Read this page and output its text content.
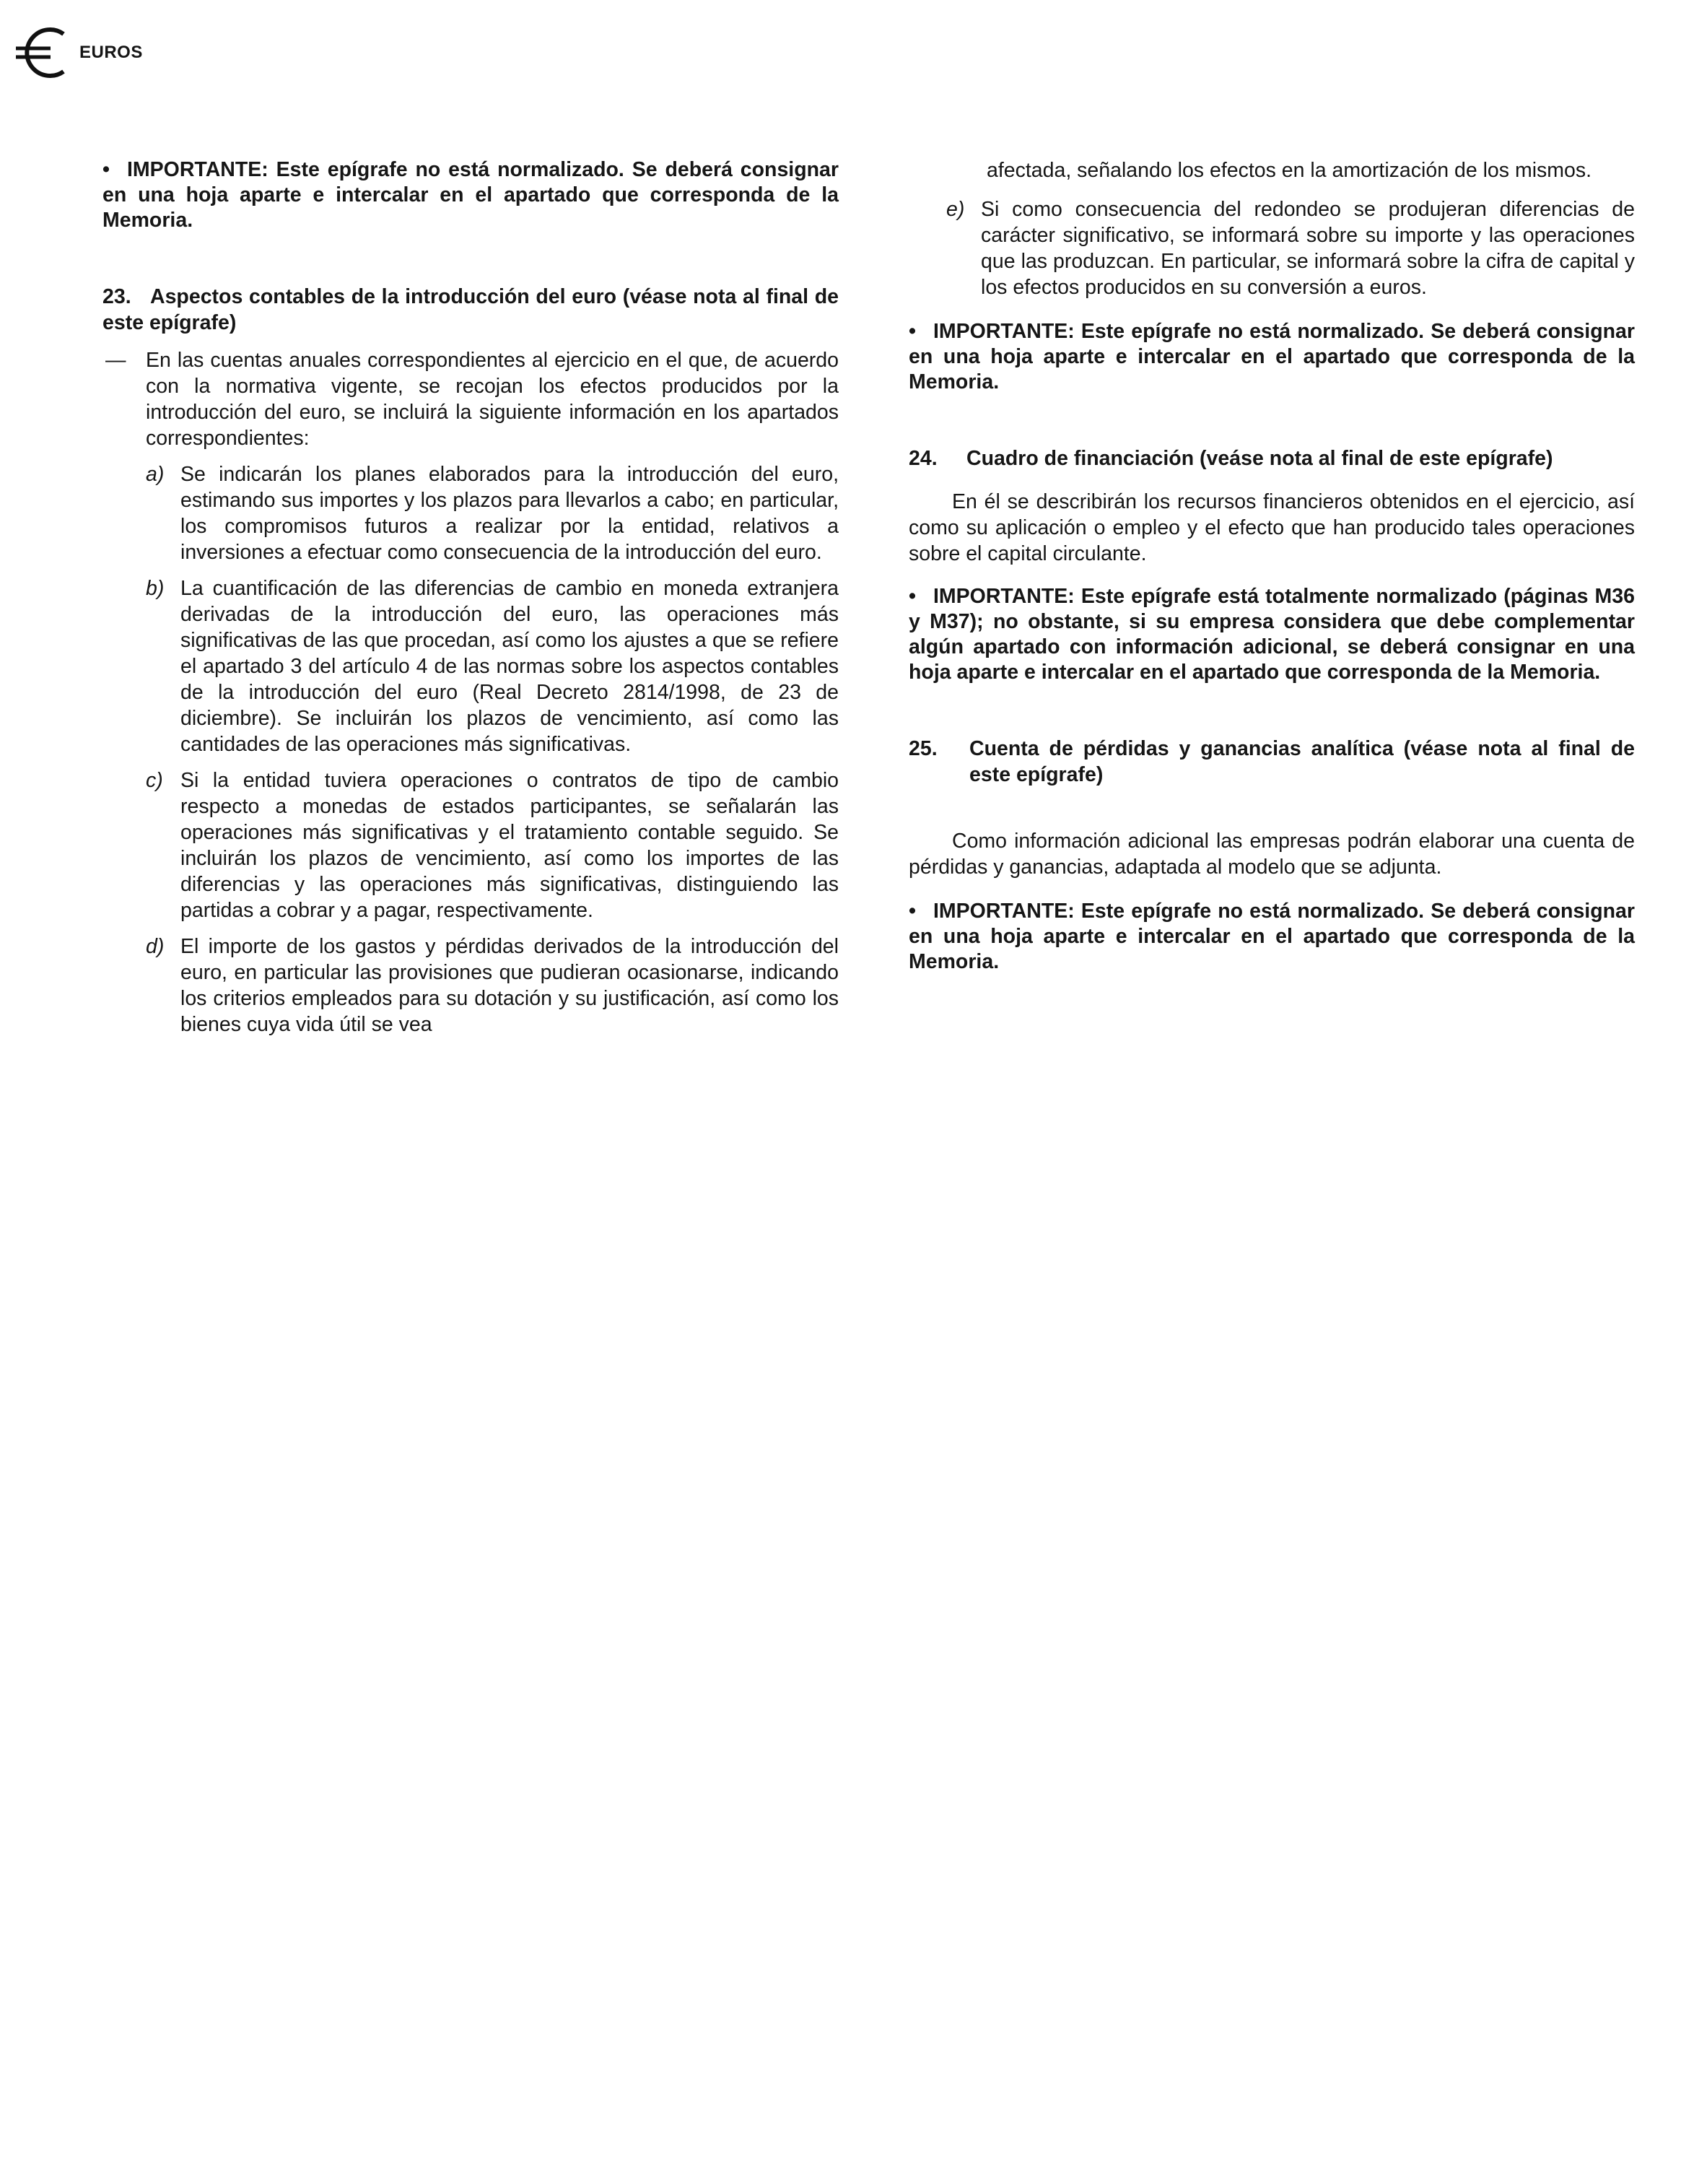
EUROS

• IMPORTANTE: Este epígrafe no está normalizado. Se deberá consignar en una hoja aparte e intercalar en el apartado que corresponda de la Memoria.

23. Aspectos contables de la introducción del euro (véase nota al final de este epígrafe)
— En las cuentas anuales correspondientes al ejercicio en el que, de acuerdo con la normativa vigente, se recojan los efectos producidos por la introducción del euro, se incluirá la siguiente información en los apartados correspondientes:
a) Se indicarán los planes elaborados para la introducción del euro, estimando sus importes y los plazos para llevarlos a cabo; en particular, los compromisos futuros a realizar por la entidad, relativos a inversiones a efectuar como consecuencia de la introducción del euro.
b) La cuantificación de las diferencias de cambio en moneda extranjera derivadas de la introducción del euro, las operaciones más significativas de las que procedan, así como los ajustes a que se refiere el apartado 3 del artículo 4 de las normas sobre los aspectos contables de la introducción del euro (Real Decreto 2814/1998, de 23 de diciembre). Se incluirán los plazos de vencimiento, así como las cantidades de las operaciones más significativas.
c) Si la entidad tuviera operaciones o contratos de tipo de cambio respecto a monedas de estados participantes, se señalarán las operaciones más significativas y el tratamiento contable seguido. Se incluirán los plazos de vencimiento, así como los importes de las diferencias y las operaciones más significativas, distinguiendo las partidas a cobrar y a pagar, respectivamente.
d) El importe de los gastos y pérdidas derivados de la introducción del euro, en particular las provisiones que pudieran ocasionarse, indicando los criterios empleados para su dotación y su justificación, así como los bienes cuya vida útil se vea

afectada, señalando los efectos en la amortización de los mismos.

e) Si como consecuencia del redondeo se produjeran diferencias de carácter significativo, se informará sobre su importe y las operaciones que las produzcan. En particular, se informará sobre la cifra de capital y los efectos producidos en su conversión a euros.

• IMPORTANTE: Este epígrafe no está normalizado. Se deberá consignar en una hoja aparte e intercalar en el apartado que corresponda de la Memoria.

24. Cuadro de financiación (veáse nota al final de este epígrafe)

En él se describirán los recursos financieros obtenidos en el ejercicio, así como su aplicación o empleo y el efecto que han producido tales operaciones sobre el capital circulante.

• IMPORTANTE: Este epígrafe está totalmente normalizado (páginas M36 y M37); no obstante, si su empresa considera que debe complementar algún apartado con información adicional, se deberá consignar en una hoja aparte e intercalar en el apartado que corresponda de la Memoria.

25. Cuenta de pérdidas y ganancias analítica (véase nota al final de este epígrafe)

Como información adicional las empresas podrán elaborar una cuenta de pérdidas y ganancias, adaptada al modelo que se adjunta.

• IMPORTANTE: Este epígrafe no está normalizado. Se deberá consignar en una hoja aparte e intercalar en el apartado que corresponda de la Memoria.
